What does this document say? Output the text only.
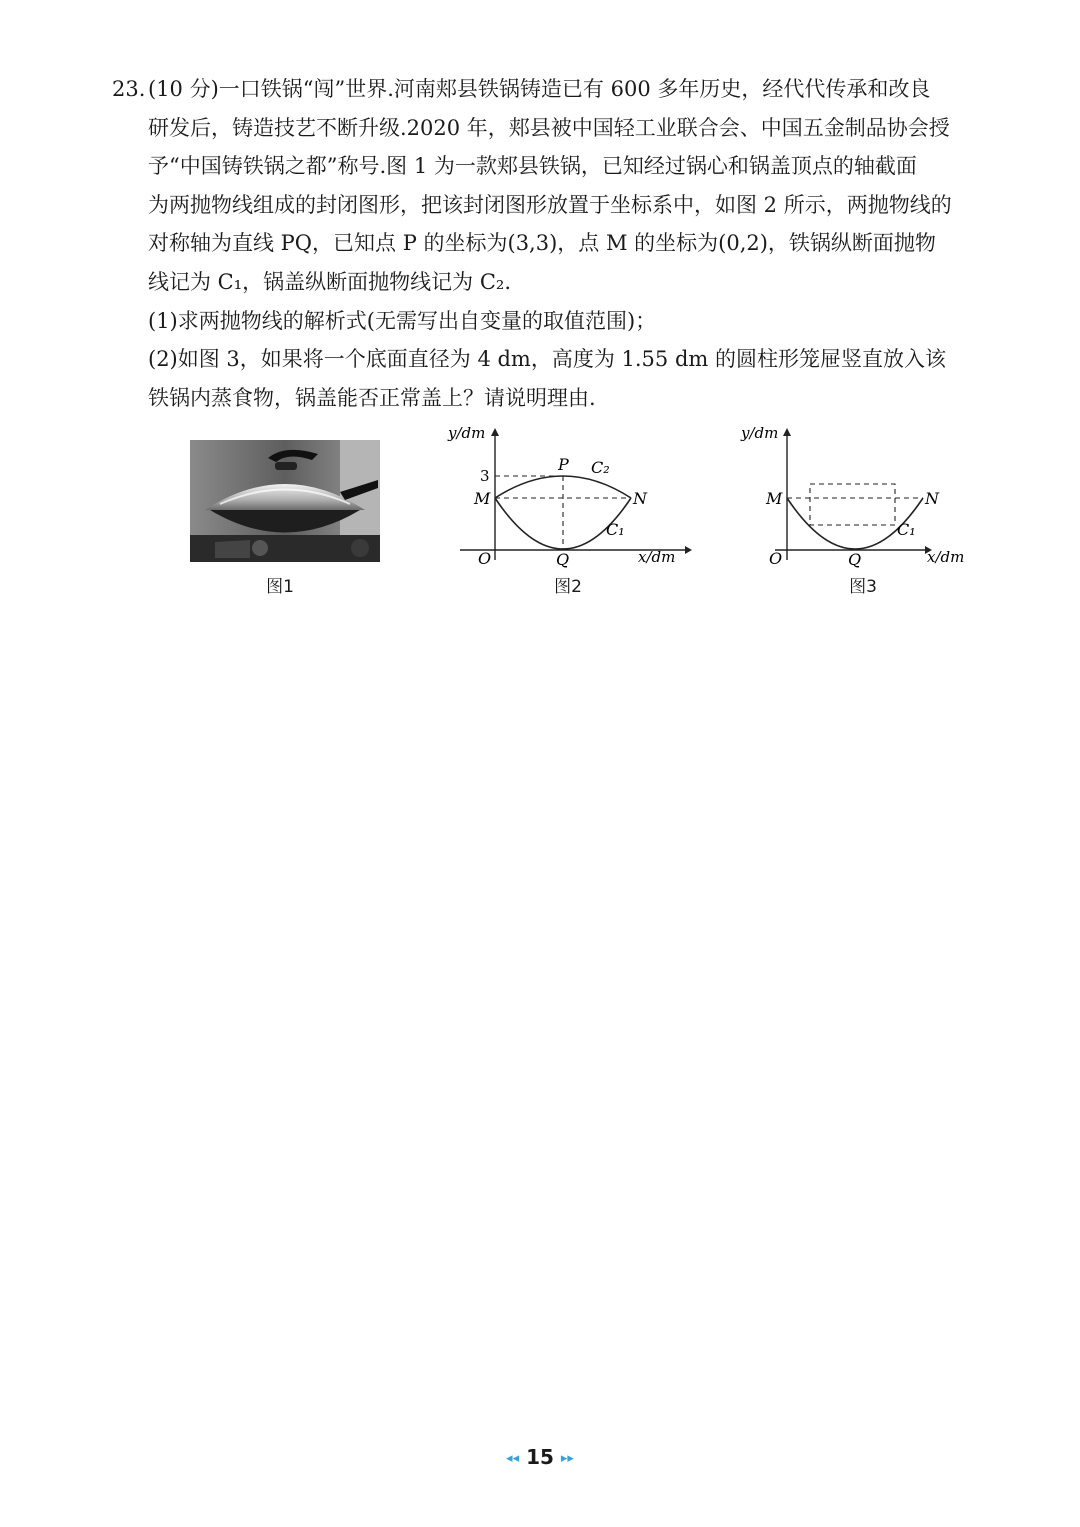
23. (10 分)一口铁锅“闯”世界.河南郏县铁锅铸造已有 600 多年历史，经代代传承和改良

研发后，铸造技艺不断升级.2020 年，郏县被中国轻工业联合会、中国五金制品协会授

予“中国铸铁锅之都”称号.图 1 为一款郏县铁锅，已知经过锅心和锅盖顶点的轴截面

为两抛物线组成的封闭图形，把该封闭图形放置于坐标系中，如图 2 所示，两抛物线的

对称轴为直线 PQ，已知点 P 的坐标为(3,3)，点 M 的坐标为(0,2)，铁锅纵断面抛物

线记为 C₁，锅盖纵断面抛物线记为 C₂.

(1)求两抛物线的解析式(无需写出自变量的取值范围)；

(2)如图 3，如果将一个底面直径为 4 dm，高度为 1.55 dm 的圆柱形笼屉竖直放入该

铁锅内蒸食物，锅盖能否正常盖上？请说明理由.

图1
x/dm
y/dm
O
3
M
P
N
Q
C₂
C₁
图2
x/dm
y/dm
O
M	N
Q
C₁
图3
◂◂ 15 ▸▸
